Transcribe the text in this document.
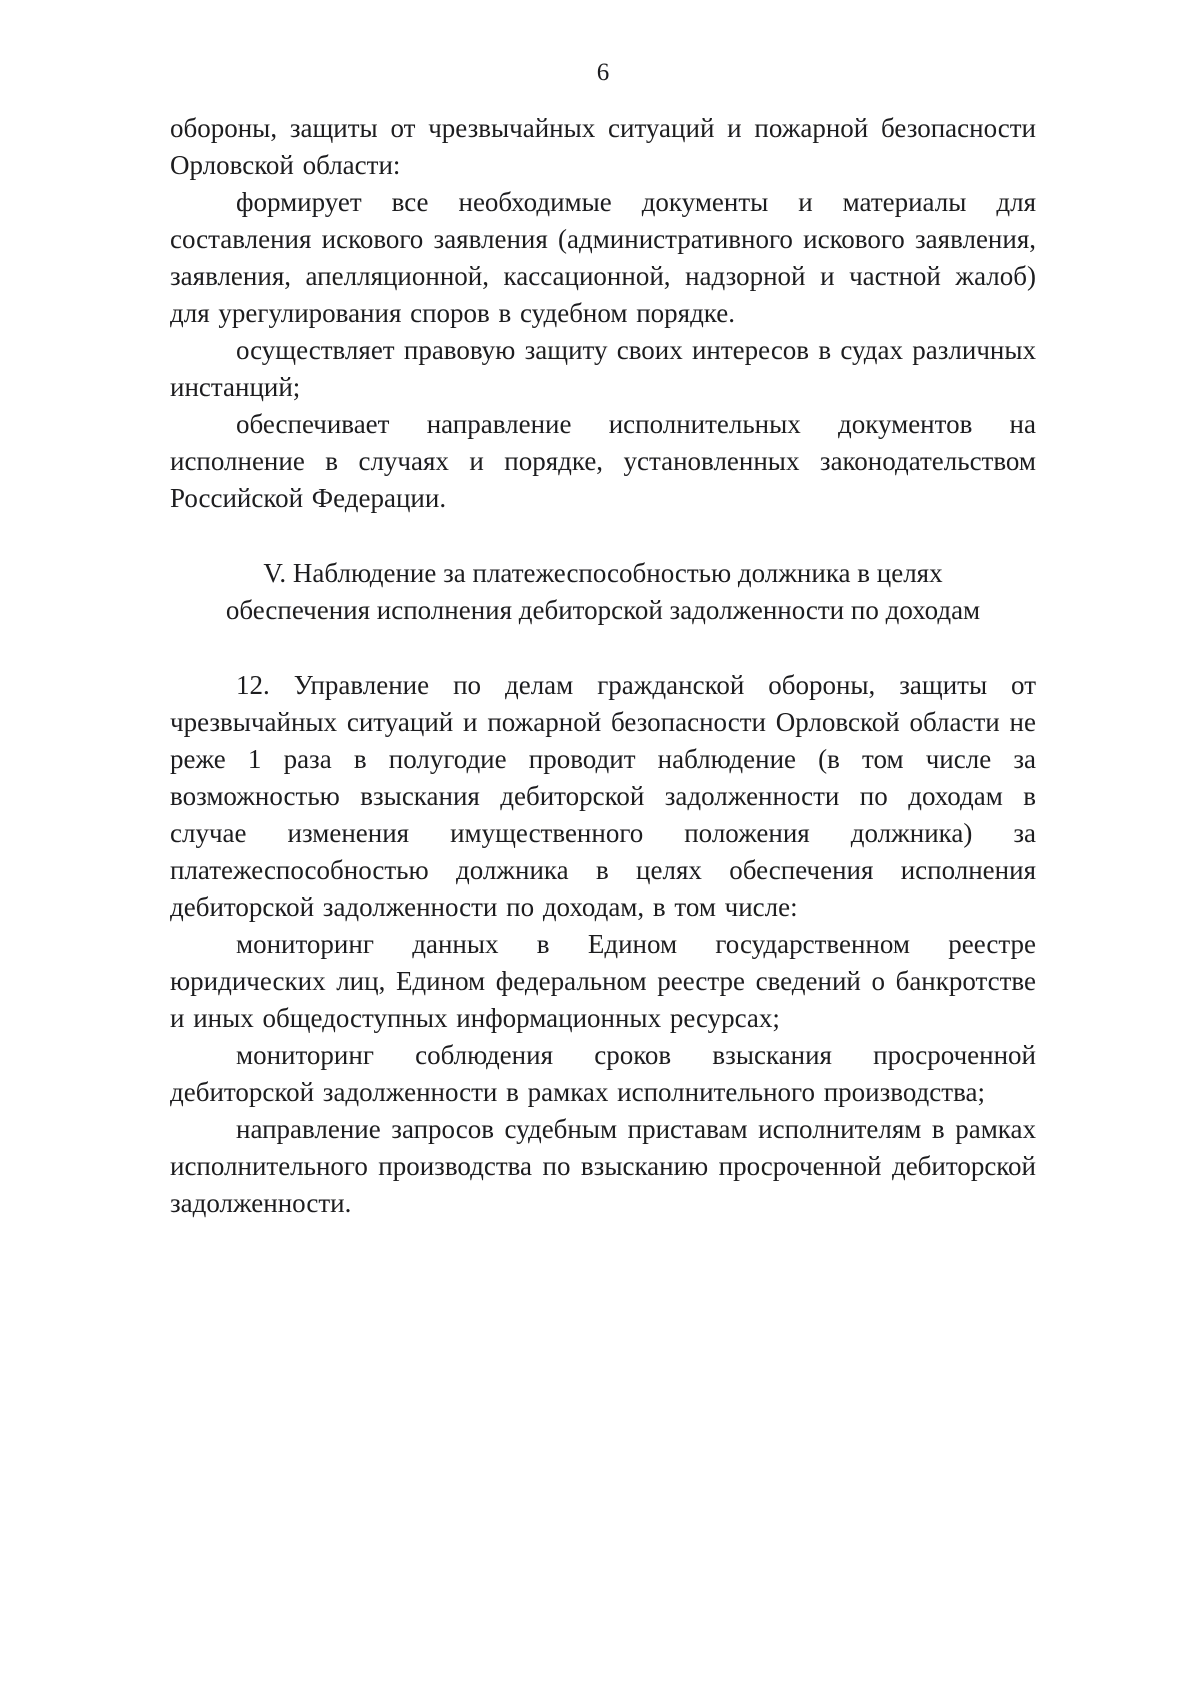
6

обороны, защиты от чрезвычайных ситуаций и пожарной безопасности Орловской области:

формирует все необходимые документы и материалы для составления искового заявления (административного искового заявления, заявления, апелляционной, кассационной, надзорной и частной жалоб) для урегулирования споров в судебном порядке.

осуществляет правовую защиту своих интересов в судах различных инстанций;

обеспечивает направление исполнительных документов на исполнение в случаях и порядке, установленных законодательством Российской Федерации.

V. Наблюдение за платежеспособностью должника в целях обеспечения исполнения дебиторской задолженности по доходам

12. Управление по делам гражданской обороны, защиты от чрезвычайных ситуаций и пожарной безопасности Орловской области не реже 1 раза в полугодие проводит наблюдение (в том числе за возможностью взыскания дебиторской задолженности по доходам в случае изменения имущественного положения должника) за платежеспособностью должника в целях обеспечения исполнения дебиторской задолженности по доходам, в том числе:

мониторинг данных в Едином государственном реестре юридических лиц, Едином федеральном реестре сведений о банкротстве и иных общедоступных информационных ресурсах;

мониторинг соблюдения сроков взыскания просроченной дебиторской задолженности в рамках исполнительного производства;

направление запросов судебным приставам исполнителям в рамках исполнительного производства по взысканию просроченной дебиторской задолженности.
